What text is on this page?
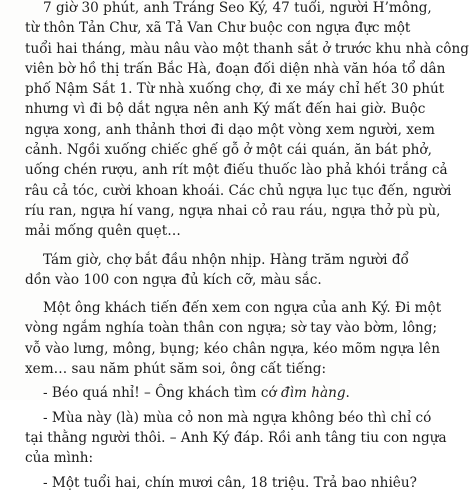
7 giờ 30 phút, anh Tráng Seo Ký, 47 tuổi, người H’mông,
từ thôn Tản Chư, xã Tả Van Chư buộc con ngựa đực một
tuổi hai tháng, màu nâu vào một thanh sắt ở trước khu nhà công
viên bờ hồ thị trấn Bắc Hà, đoạn đối diện nhà văn hóa tổ dân
phố Nậm Sắt 1. Từ nhà xuống chợ, đi xe máy chỉ hết 30 phút
nhưng vì đi bộ dắt ngựa nên anh Ký mất đến hai giờ. Buộc
ngựa xong, anh thảnh thơi đi dạo một vòng xem người, xem
cảnh. Ngồi xuống chiếc ghế gỗ ở một cái quán, ăn bát phở,
uống chén rượu, anh rít một điếu thuốc lào phả khói trắng cả
râu cả tóc, cười khoan khoái. Các chủ ngựa lục tục đến, người
ríu ran, ngựa hí vang, ngựa nhai cỏ rau ráu, ngựa thở pù pù,
mải mống quên quẹt…

Tám giờ, chợ bắt đầu nhộn nhịp. Hàng trăm người đổ
dồn vào 100 con ngựa đủ kích cỡ, màu sắc.

Một ông khách tiến đến xem con ngựa của anh Ký. Đi một
vòng ngắm nghía toàn thân con ngựa; sờ tay vào bờm, lông;
vỗ vào lưng, mông, bụng; kéo chân ngựa, kéo mõm ngựa lên
xem… sau năm phút săm soi, ông cất tiếng:

- Béo quá nhỉ! – Ông khách tìm cớ đìm hàng.

- Mùa này (là) mùa cỏ non mà ngựa không béo thì chỉ có
tại thằng người thôi. – Anh Ký đáp. Rồi anh tâng tiu con ngựa
của mình:

- Một tuổi hai, chín mươi cân, 18 triệu. Trả bao nhiêu?
